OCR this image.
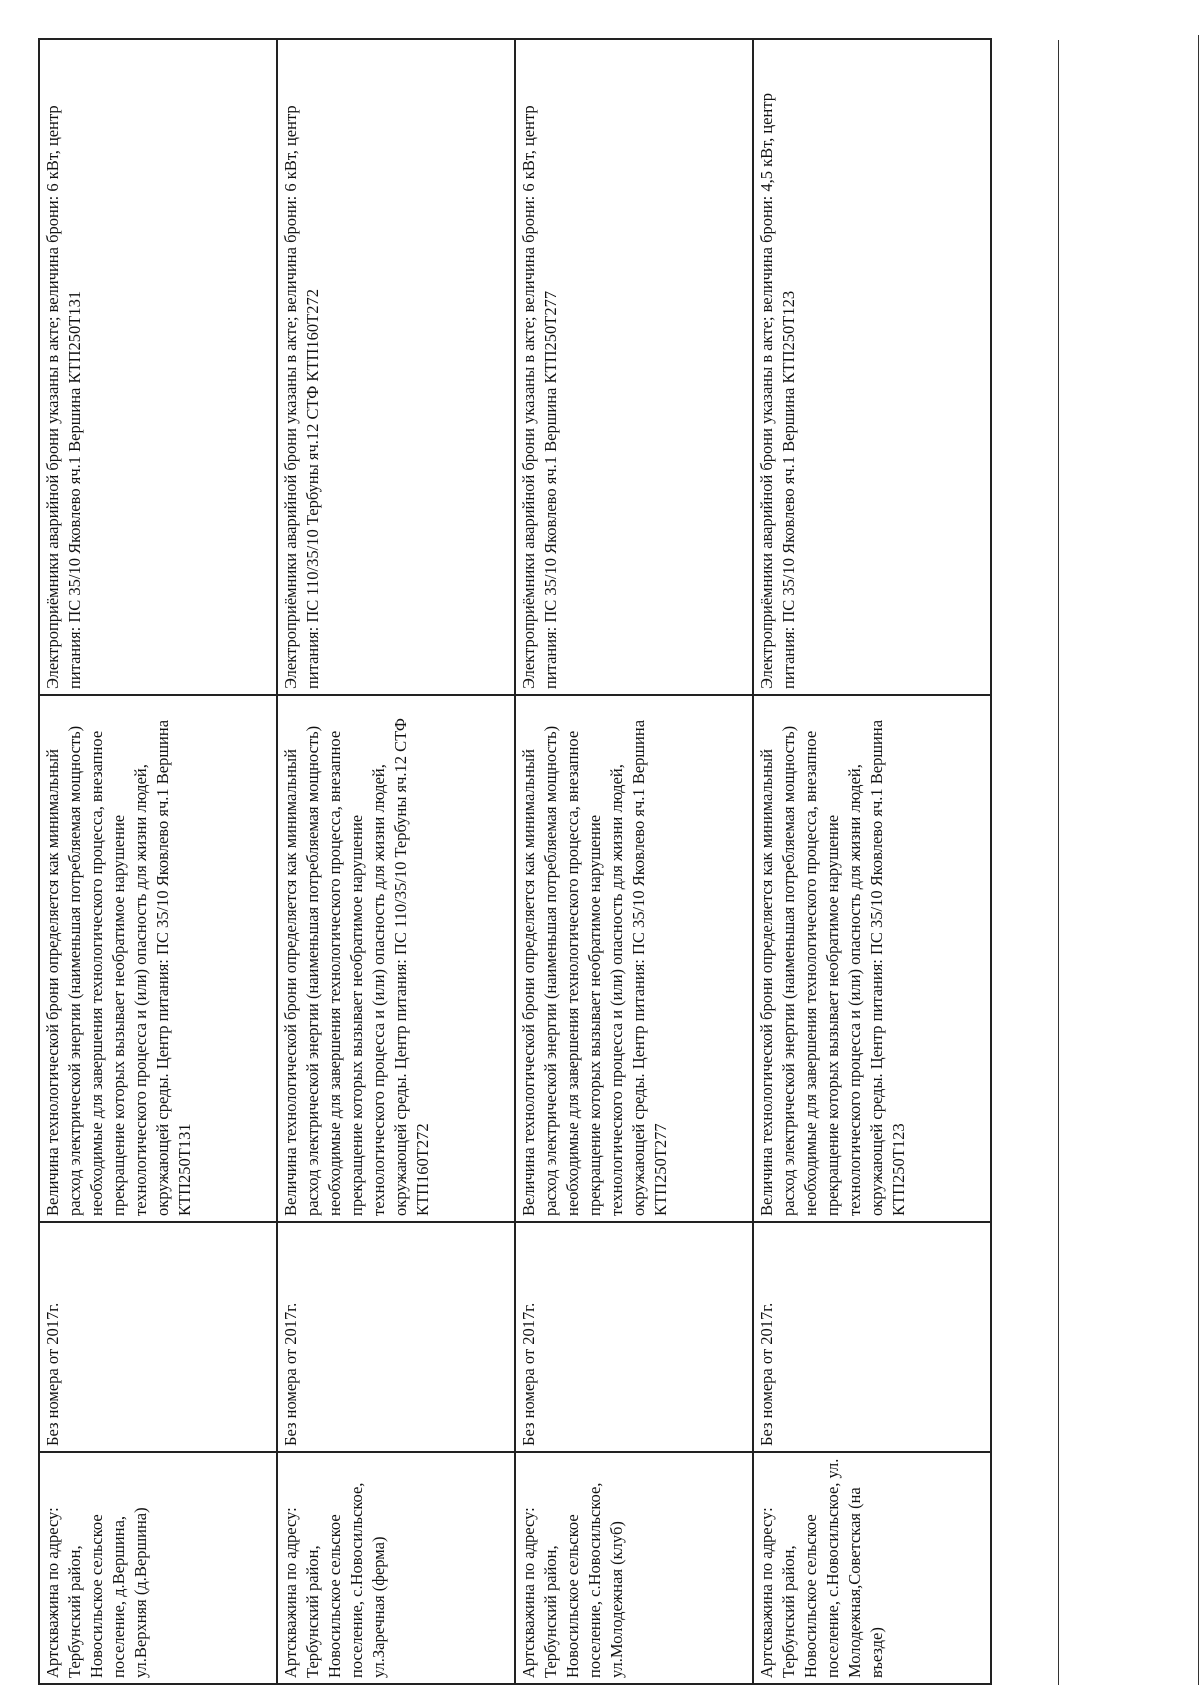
Артскважина по адресу: Тербунский район, Новосильское сельское поселение, д.Вершина, ул.Верхняя (д.Вершина)	Без номера от 2017г.	Величина технологической брони определяется как минимальный расход электрической энергии (наименьшая потребляемая мощность) необходимые для завершения технологического процесса, внезапное прекращение которых вызывает необратимое нарушение технологического процесса и (или) опасность для жизни людей, окружающей среды. Центр питания: ПС 35/10 Яковлево яч.1 Вершина КТП250Т131	Электроприёмники аварийной брони указаны в акте; величина брони: 6 кВт, центр питания: ПС 35/10 Яковлево яч.1 Вершина КТП250Т131
Артскважина по адресу: Тербунский район, Новосильское сельское поселение, с.Новосильское, ул.Заречная (ферма)	Без номера от 2017г.	Величина технологической брони определяется как минимальный расход электрической энергии (наименьшая потребляемая мощность) необходимые для завершения технологического процесса, внезапное прекращение которых вызывает необратимое нарушение технологического процесса и (или) опасность для жизни людей, окружающей среды. Центр питания: ПС 110/35/10 Тербуны яч.12 СТФ КТП160Т272	Электроприёмники аварийной брони указаны в акте; величина брони: 6 кВт, центр питания: ПС 110/35/10 Тербуны яч.12 СТФ КТП160Т272
Артскважина по адресу: Тербунский район, Новосильское сельское поселение, с.Новосильское, ул.Молодежная (клуб)	Без номера от 2017г.	Величина технологической брони определяется как минимальный расход электрической энергии (наименьшая потребляемая мощность) необходимые для завершения технологического процесса, внезапное прекращение которых вызывает необратимое нарушение технологического процесса и (или) опасность для жизни людей, окружающей среды. Центр питания: ПС 35/10 Яковлево яч.1 Вершина КТП250Т277	Электроприёмники аварийной брони указаны в акте; величина брони: 6 кВт, центр питания: ПС 35/10 Яковлево яч.1 Вершина КТП250Т277
Артскважина по адресу: Тербунский район, Новосильское сельское поселение, с.Новосильское, ул. Молодежная,Советская (на въезде)	Без номера от 2017г.	Величина технологической брони определяется как минимальный расход электрической энергии (наименьшая потребляемая мощность) необходимые для завершения технологического процесса, внезапное прекращение которых вызывает необратимое нарушение технологического процесса и (или) опасность для жизни людей, окружающей среды. Центр питания: ПС 35/10 Яковлево яч.1 Вершина КТП250Т123	Электроприёмники аварийной брони указаны в акте; величина брони: 4,5 кВт, центр питания: ПС 35/10 Яковлево яч.1 Вершина КТП250Т123
